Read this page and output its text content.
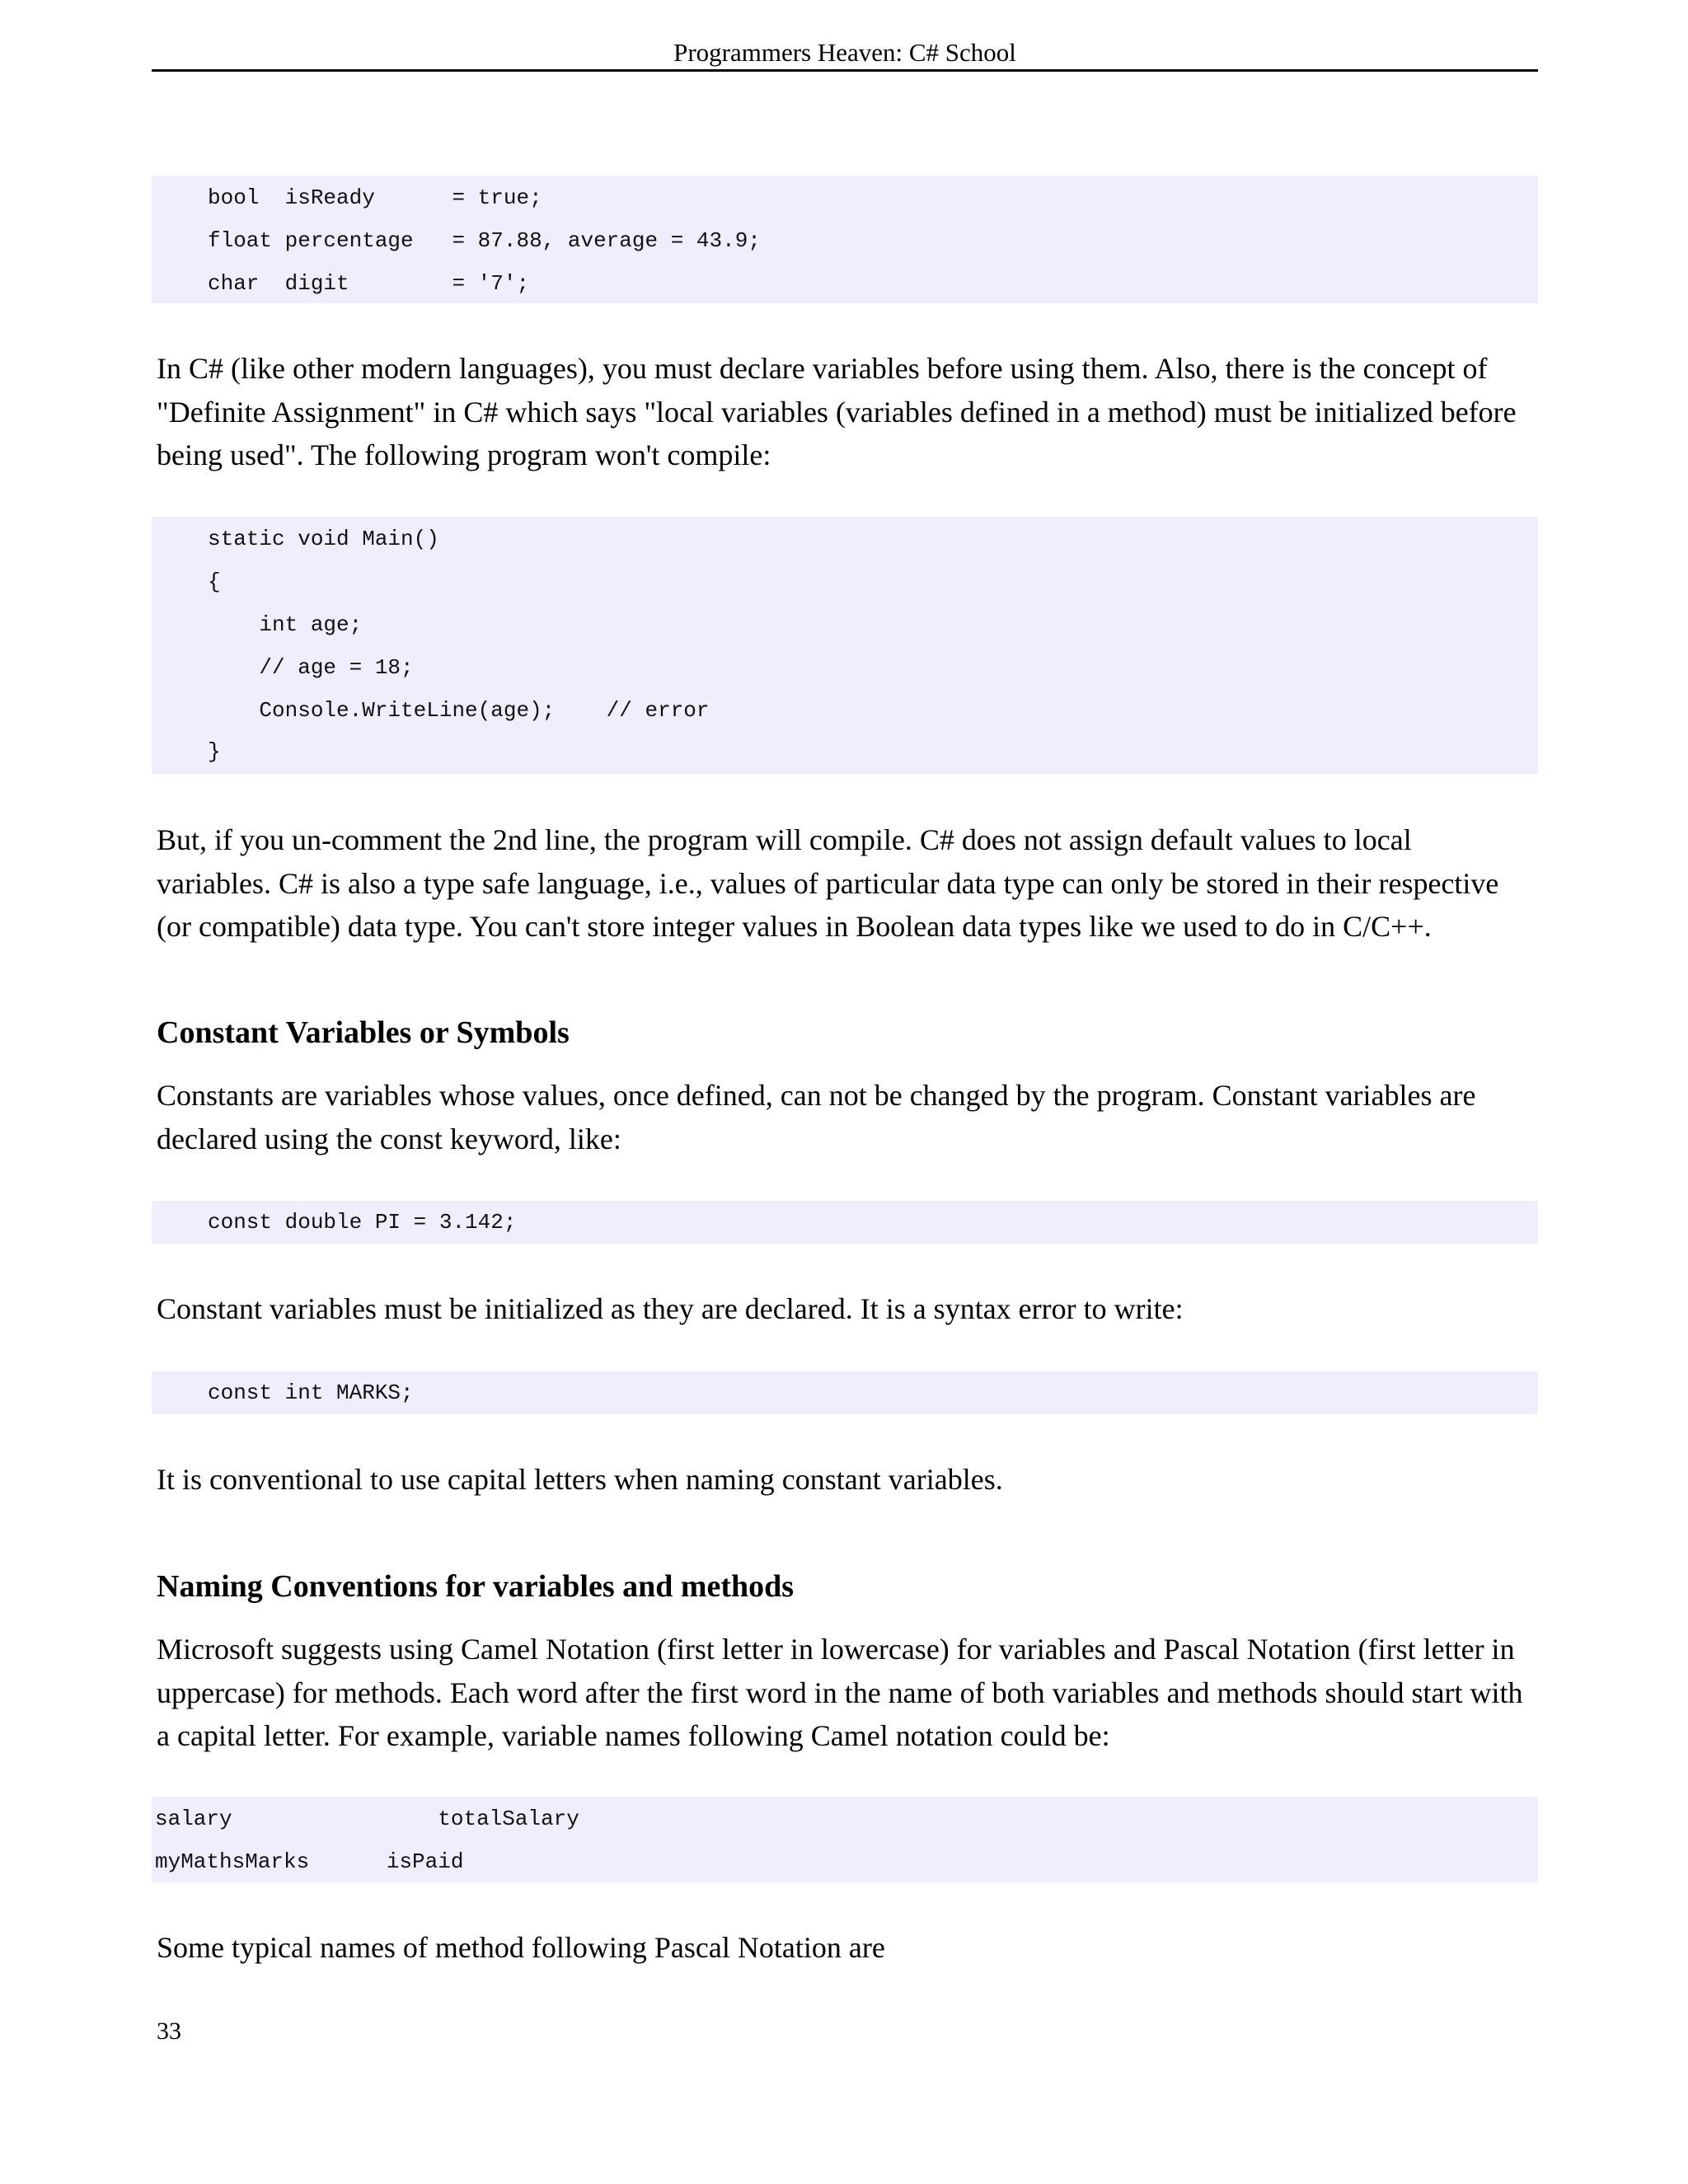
Programmers Heaven: C# School
bool  isReady      = true;
float percentage   = 87.88, average = 43.9;
char  digit        = '7';

In C# (like other modern languages), you must declare variables before using them. Also, there is the concept of
"Definite Assignment" in C# which says "local variables (variables defined in a method) must be initialized before
being used". The following program won't compile:

static void Main()
{
int age;
// age = 18;
Console.WriteLine(age);    // error
}

But, if you un-comment the 2nd line, the program will compile. C# does not assign default values to local
variables. C# is also a type safe language, i.e., values of particular data type can only be stored in their respective
(or compatible) data type. You can't store integer values in Boolean data types like we used to do in C/C++.

Constant Variables or Symbols

Constants are variables whose values, once defined, can not be changed by the program. Constant variables are
declared using the const keyword, like:

const double PI = 3.142;

Constant variables must be initialized as they are declared. It is a syntax error to write:

const int MARKS;

It is conventional to use capital letters when naming constant variables.

Naming Conventions for variables and methods

Microsoft suggests using Camel Notation (first letter in lowercase) for variables and Pascal Notation (first letter in
uppercase) for methods. Each word after the first word in the name of both variables and methods should start with
a capital letter. For example, variable names following Camel notation could be:

salary                totalSalary
myMathsMarks      isPaid

Some typical names of method following Pascal Notation are

33
